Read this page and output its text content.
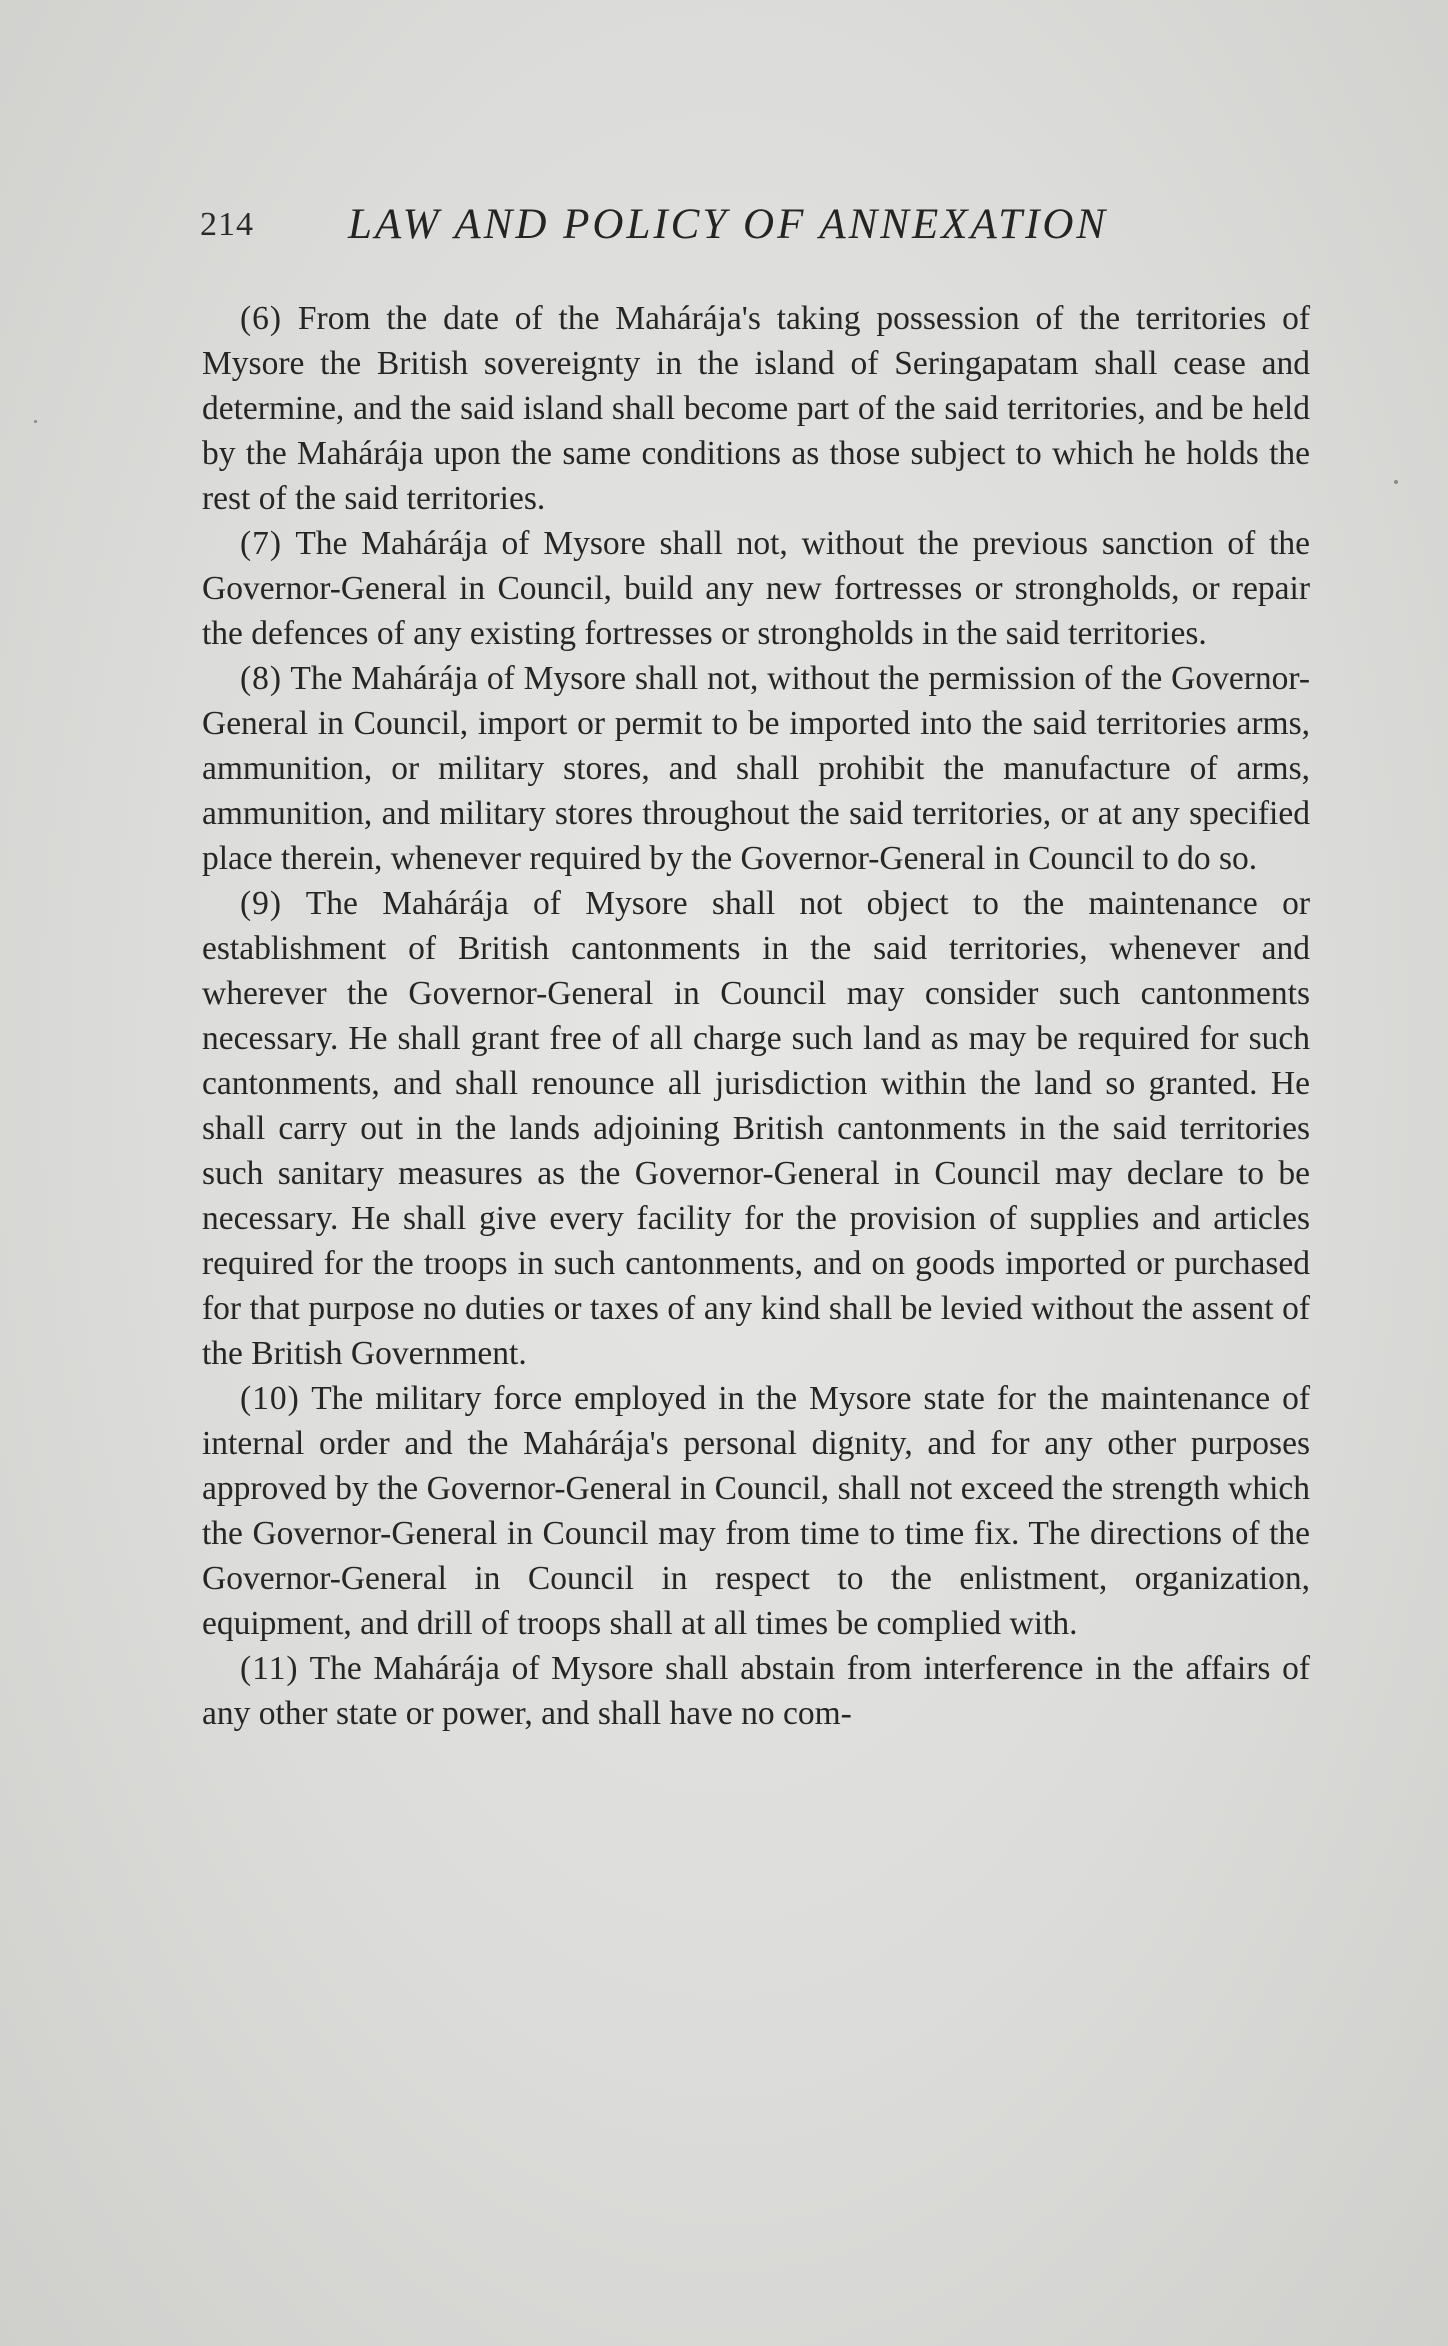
214 LAW AND POLICY OF ANNEXATION

(6) From the date of the Mahárája's taking possession of the territories of Mysore the British sovereignty in the island of Seringapatam shall cease and determine, and the said island shall become part of the said territories, and be held by the Mahárája upon the same conditions as those subject to which he holds the rest of the said territories.

(7) The Mahárája of Mysore shall not, without the previous sanction of the Governor-General in Council, build any new fortresses or strongholds, or repair the defences of any existing fortresses or strongholds in the said territories.

(8) The Mahárája of Mysore shall not, without the permission of the Governor-General in Council, import or permit to be imported into the said territories arms, ammunition, or military stores, and shall prohibit the manufacture of arms, ammunition, and military stores throughout the said territories, or at any specified place therein, whenever required by the Governor-General in Council to do so.

(9) The Mahárája of Mysore shall not object to the maintenance or establishment of British cantonments in the said territories, whenever and wherever the Governor-General in Council may consider such cantonments necessary. He shall grant free of all charge such land as may be required for such cantonments, and shall renounce all jurisdiction within the land so granted. He shall carry out in the lands adjoining British cantonments in the said territories such sanitary measures as the Governor-General in Council may declare to be necessary. He shall give every facility for the provision of supplies and articles required for the troops in such cantonments, and on goods imported or purchased for that purpose no duties or taxes of any kind shall be levied without the assent of the British Government.

(10) The military force employed in the Mysore state for the maintenance of internal order and the Mahárája's personal dignity, and for any other purposes approved by the Governor-General in Council, shall not exceed the strength which the Governor-General in Council may from time to time fix. The directions of the Governor-General in Council in respect to the enlistment, organization, equipment, and drill of troops shall at all times be complied with.

(11) The Mahárája of Mysore shall abstain from interference in the affairs of any other state or power, and shall have no com-
